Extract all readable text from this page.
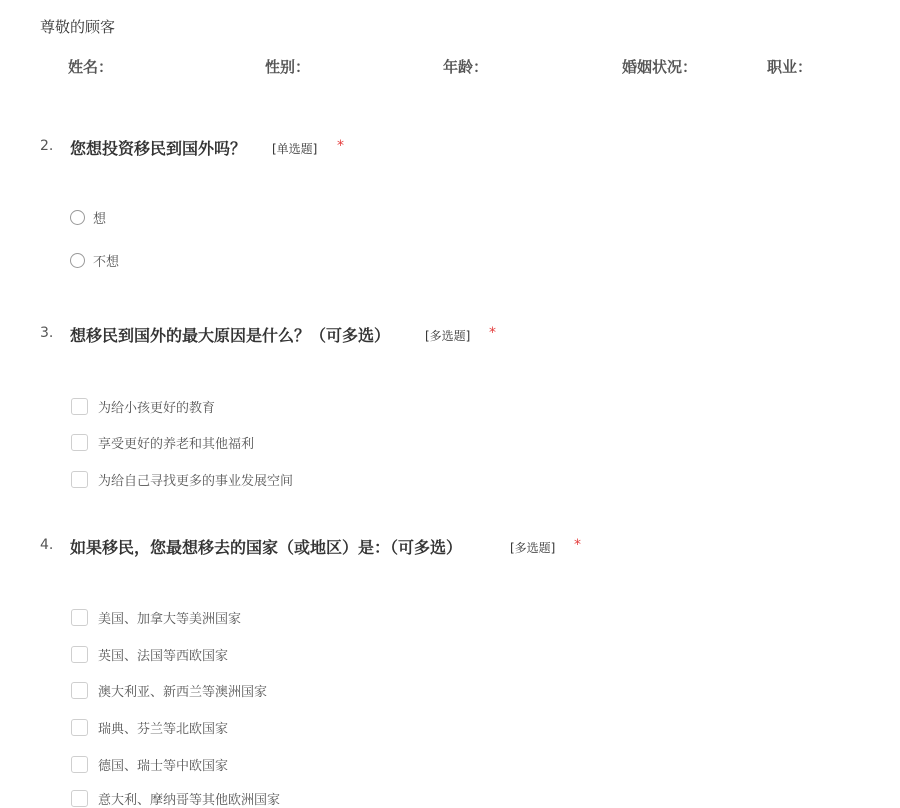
尊敬的顾客
姓名：	性别：	年龄：	婚姻状况：	职业：
2. 您想投资移民到国外吗？ [单选题] *
想
不想
3. 想移民到国外的最大原因是什么？（可多选）	[多选题] *
为给小孩更好的教育
享受更好的养老和其他福利
为给自己寻找更多的事业发展空间
4. 如果移民，您最想移去的国家（或地区）是：（可多选）	[多选题] *
美国、加拿大等美洲国家
英国、法国等西欧国家
澳大利亚、新西兰等澳洲国家
瑞典、芬兰等北欧国家
德国、瑞士等中欧国家
意大利、摩纳哥等其他欧洲国家
